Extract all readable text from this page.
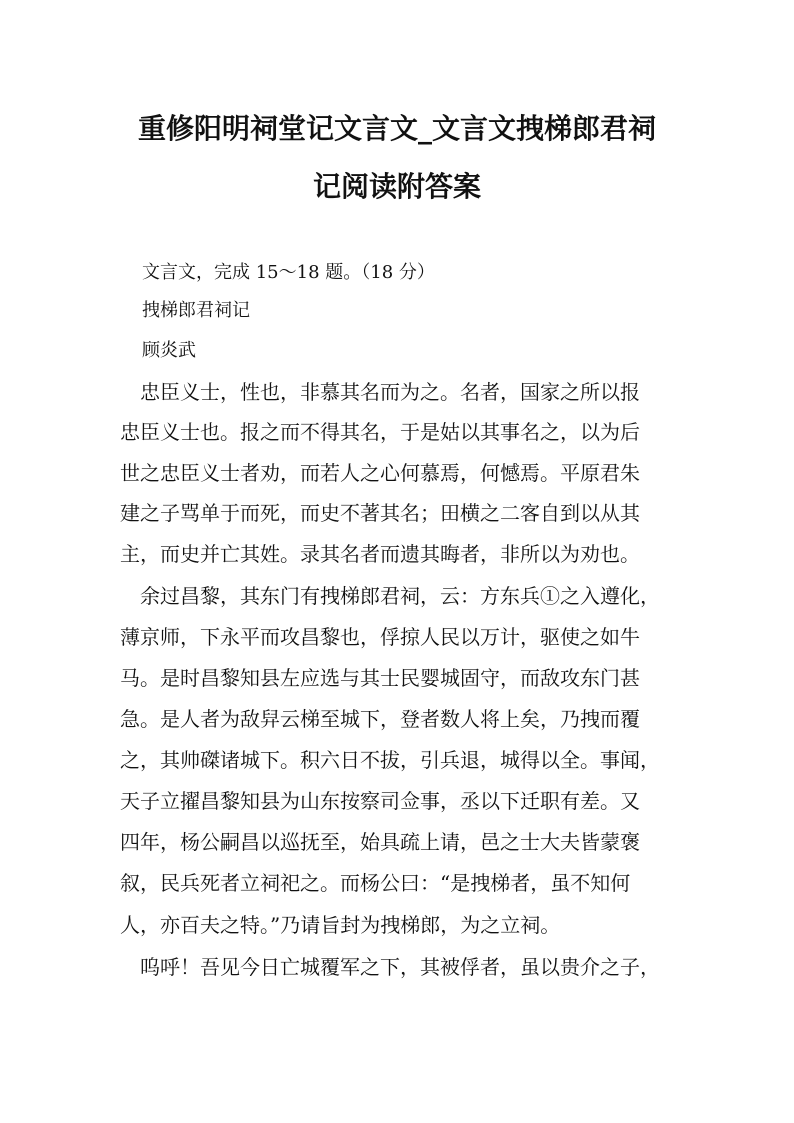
重修阳明祠堂记文言文_文言文拽梯郎君祠
记阅读附答案
文言文，完成 15～18 题。（18 分）
拽梯郎君祠记
顾炎武
　忠臣义士，性也，非慕其名而为之。名者，国家之所以报
忠臣义士也。报之而不得其名，于是姑以其事名之，以为后
世之忠臣义士者劝，而若人之心何慕焉，何憾焉。平原君朱
建之子骂单于而死，而史不著其名；田横之二客自到以从其
主，而史并亡其姓。录其名者而遗其晦者，非所以为劝也。
　余过昌黎，其东门有拽梯郎君祠，云：方东兵①之入遵化，
薄京师，下永平而攻昌黎也，俘掠人民以万计，驱使之如牛
马。是时昌黎知县左应选与其士民婴城固守，而敌攻东门甚
急。是人者为敌舁云梯至城下，登者数人将上矣，乃拽而覆
之，其帅磔诸城下。积六日不拔，引兵退，城得以全。事闻，
天子立擢昌黎知县为山东按察司佥事，丞以下迁职有差。又
四年，杨公嗣昌以巡抚至，始具疏上请，邑之士大夫皆蒙褒
叙，民兵死者立祠祀之。而杨公曰：“是拽梯者，虽不知何
人，亦百夫之特。”乃请旨封为拽梯郎，为之立祠。
　呜呼！吾见今日亡城覆军之下，其被俘者，虽以贵介之子，
